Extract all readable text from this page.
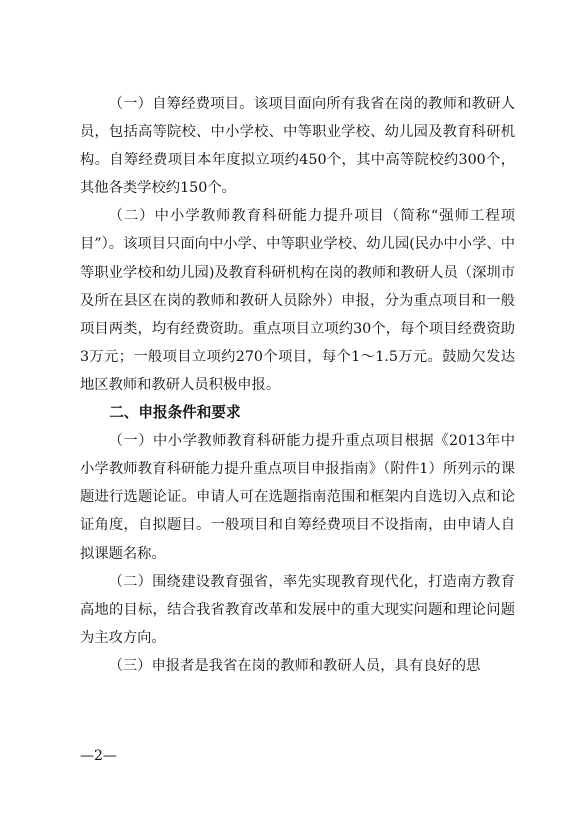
（一）自筹经费项目。该项目面向所有我省在岗的教师和教研人员，包括高等院校、中小学校、中等职业学校、幼儿园及教育科研机构。自筹经费项目本年度拟立项约450个，其中高等院校约300个，其他各类学校约150个。

（二）中小学教师教育科研能力提升项目（简称“强师工程项目”）。该项目只面向中小学、中等职业学校、幼儿园(民办中小学、中等职业学校和幼儿园)及教育科研机构在岗的教师和教研人员（深圳市及所在县区在岗的教师和教研人员除外）申报，分为重点项目和一般项目两类，均有经费资助。重点项目立项约30个，每个项目经费资助3万元；一般项目立项约270个项目，每个1～1.5万元。鼓励欠发达地区教师和教研人员积极申报。

二、申报条件和要求

（一）中小学教师教育科研能力提升重点项目根据《2013年中小学教师教育科研能力提升重点项目申报指南》（附件1）所列示的课题进行选题论证。申请人可在选题指南范围和框架内自选切入点和论证角度，自拟题目。一般项目和自筹经费项目不设指南，由申请人自拟课题名称。

（二）围绕建设教育强省，率先实现教育现代化，打造南方教育高地的目标，结合我省教育改革和发展中的重大现实问题和理论问题为主攻方向。

（三）申报者是我省在岗的教师和教研人员，具有良好的思

—2—
